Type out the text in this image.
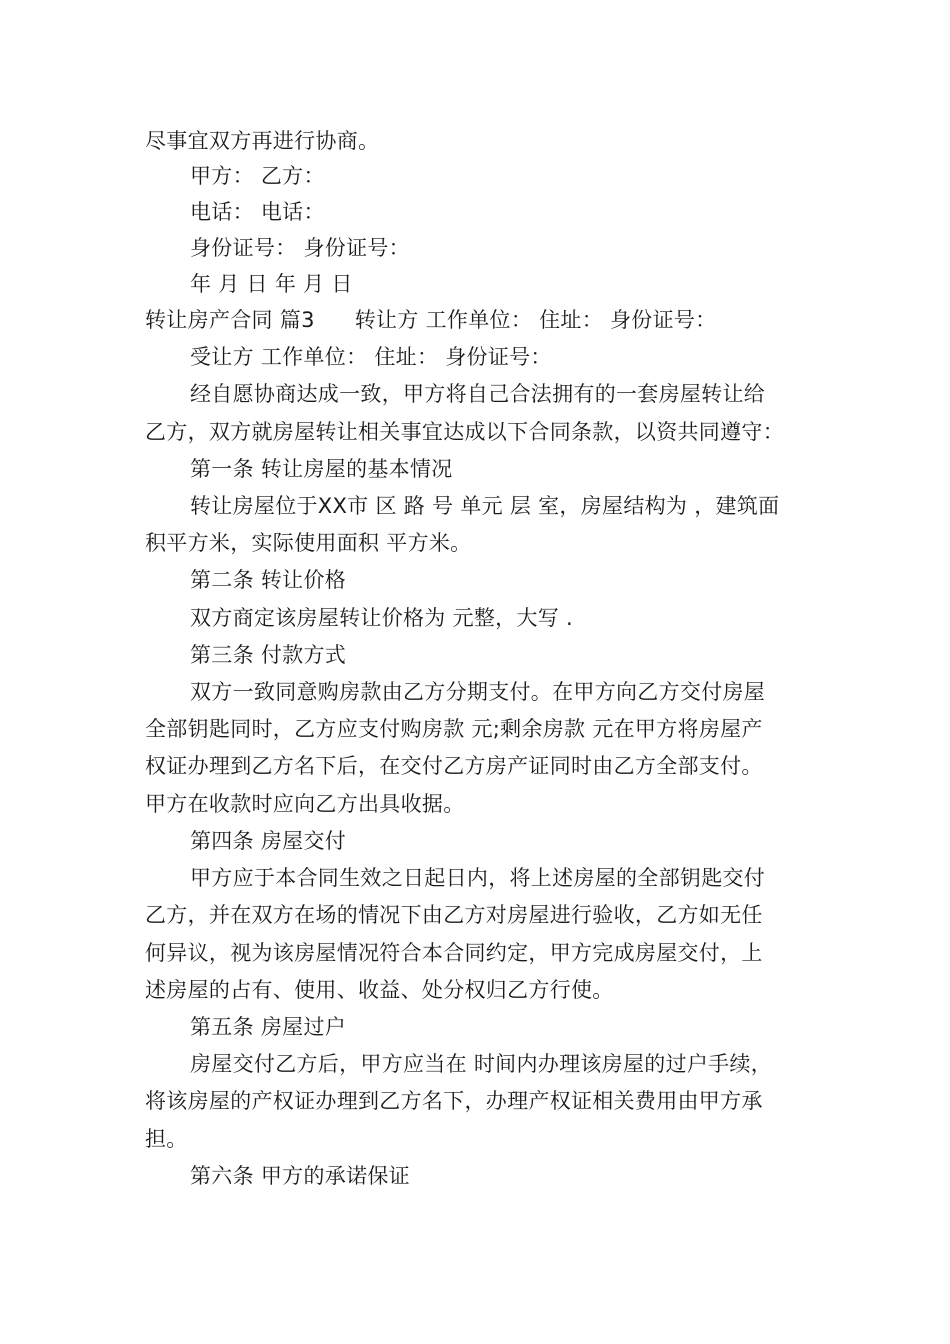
尽事宜双方再进行协商。
甲方： 乙方：
电话： 电话：
身份证号： 身份证号：
年 月 日 年 月 日
转让房产合同 篇3 转让方 工作单位： 住址： 身份证号：
受让方 工作单位： 住址： 身份证号：
经自愿协商达成一致，甲方将自己合法拥有的一套房屋转让给
乙方，双方就房屋转让相关事宜达成以下合同条款，以资共同遵守：
第一条 转让房屋的基本情况
转让房屋位于XX市 区 路 号 单元 层 室，房屋结构为 ，建筑面
积平方米，实际使用面积 平方米。
第二条 转让价格
双方商定该房屋转让价格为 元整，大写 .
第三条 付款方式
双方一致同意购房款由乙方分期支付。在甲方向乙方交付房屋
全部钥匙同时，乙方应支付购房款 元;剩余房款 元在甲方将房屋产
权证办理到乙方名下后，在交付乙方房产证同时由乙方全部支付。
甲方在收款时应向乙方出具收据。
第四条 房屋交付
甲方应于本合同生效之日起日内，将上述房屋的全部钥匙交付
乙方，并在双方在场的情况下由乙方对房屋进行验收，乙方如无任
何异议，视为该房屋情况符合本合同约定，甲方完成房屋交付，上
述房屋的占有、使用、收益、处分权归乙方行使。
第五条 房屋过户
房屋交付乙方后，甲方应当在 时间内办理该房屋的过户手续，
将该房屋的产权证办理到乙方名下，办理产权证相关费用由甲方承
担。
第六条 甲方的承诺保证
